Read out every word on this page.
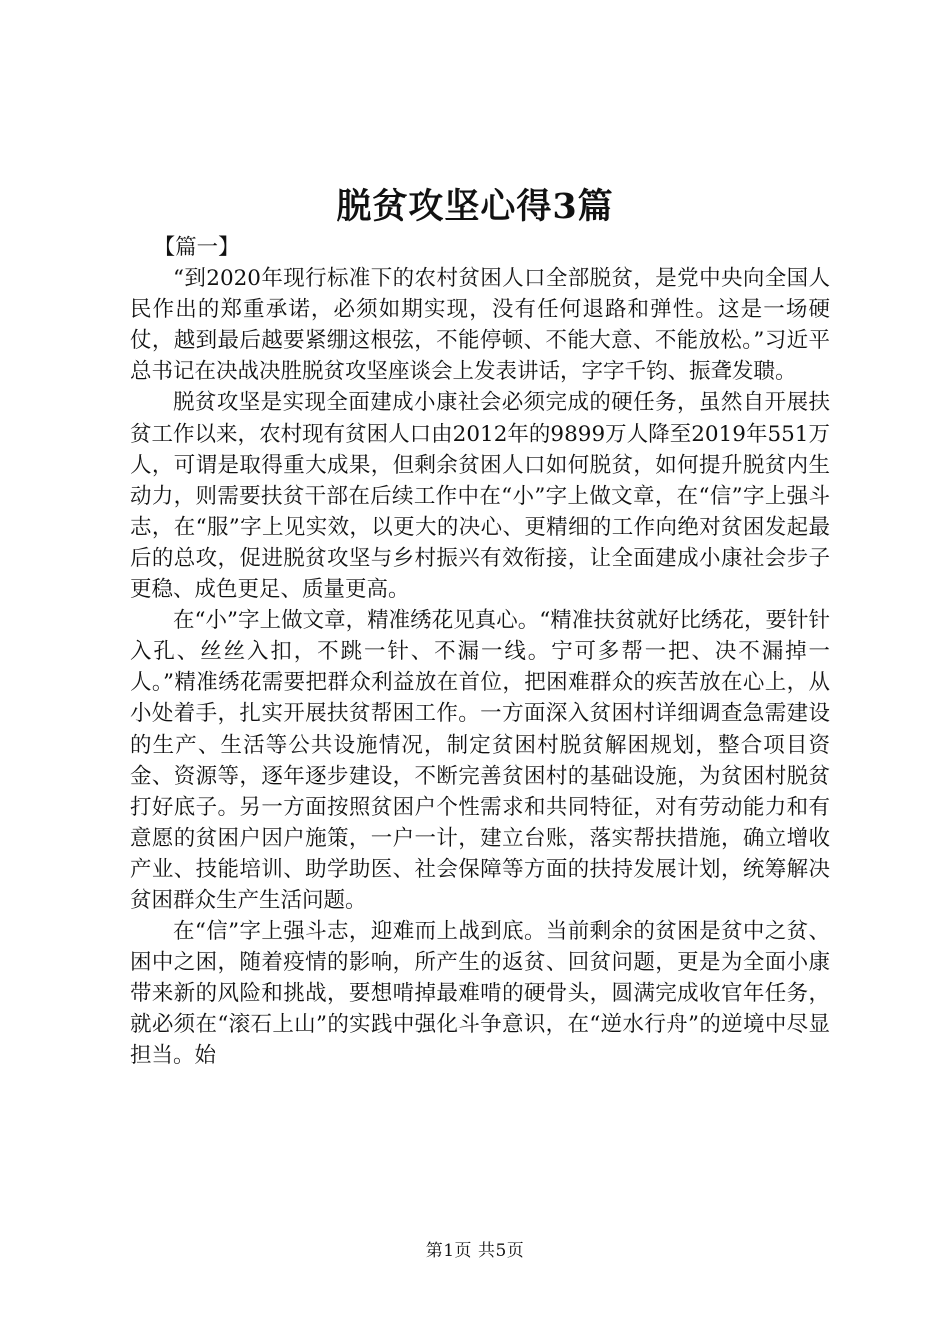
脱贫攻坚心得3篇

【篇一】

“到2020年现行标准下的农村贫困人口全部脱贫，是党中央向全国人民作出的郑重承诺，必须如期实现，没有任何退路和弹性。这是一场硬仗，越到最后越要紧绷这根弦，不能停顿、不能大意、不能放松。”习近平总书记在决战决胜脱贫攻坚座谈会上发表讲话，字字千钧、振聋发聩。

脱贫攻坚是实现全面建成小康社会必须完成的硬任务，虽然自开展扶贫工作以来，农村现有贫困人口由2012年的9899万人降至2019年551万人，可谓是取得重大成果，但剩余贫困人口如何脱贫，如何提升脱贫内生动力，则需要扶贫干部在后续工作中在“小”字上做文章，在“信”字上强斗志，在“服”字上见实效，以更大的决心、更精细的工作向绝对贫困发起最后的总攻，促进脱贫攻坚与乡村振兴有效衔接，让全面建成小康社会步子更稳、成色更足、质量更高。

在“小”字上做文章，精准绣花见真心。“精准扶贫就好比绣花，要针针入孔、丝丝入扣，不跳一针、不漏一线。宁可多帮一把、决不漏掉一人。”精准绣花需要把群众利益放在首位，把困难群众的疾苦放在心上，从小处着手，扎实开展扶贫帮困工作。一方面深入贫困村详细调查急需建设的生产、生活等公共设施情况，制定贫困村脱贫解困规划，整合项目资金、资源等，逐年逐步建设，不断完善贫困村的基础设施，为贫困村脱贫打好底子。另一方面按照贫困户个性需求和共同特征，对有劳动能力和有意愿的贫困户因户施策，一户一计，建立台账，落实帮扶措施，确立增收产业、技能培训、助学助医、社会保障等方面的扶持发展计划，统筹解决贫困群众生产生活问题。

在“信”字上强斗志，迎难而上战到底。当前剩余的贫困是贫中之贫、困中之困，随着疫情的影响，所产生的返贫、回贫问题，更是为全面小康带来新的风险和挑战，要想啃掉最难啃的硬骨头，圆满完成收官年任务，就必须在“滚石上山”的实践中强化斗争意识，在“逆水行舟”的逆境中尽显担当。始

第1页 共5页
